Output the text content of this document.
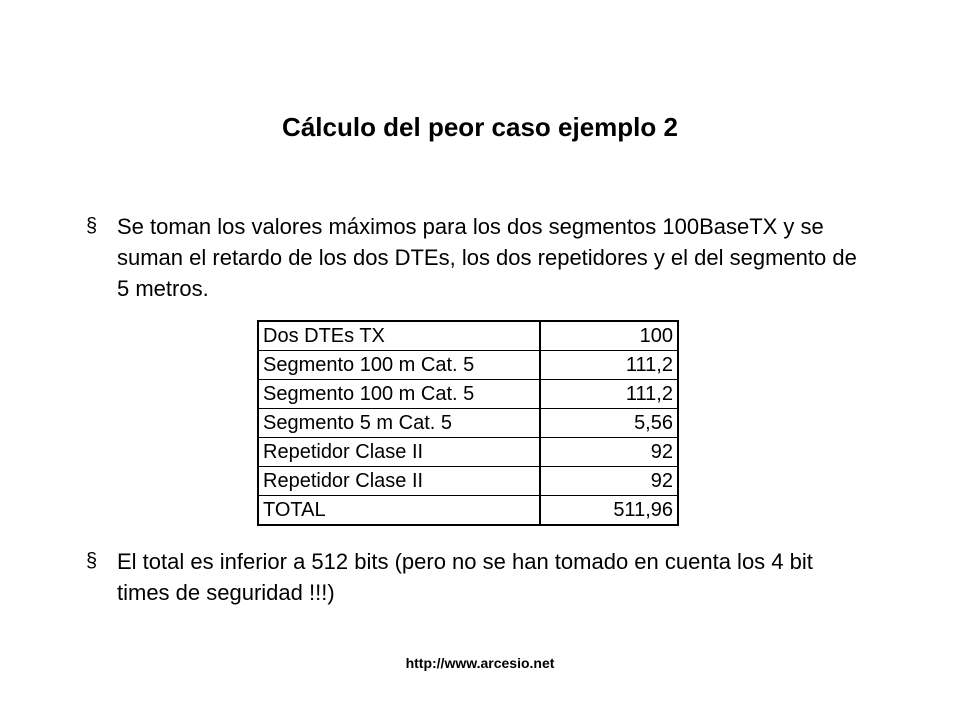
Cálculo del peor caso ejemplo 2
§ Se toman los valores máximos para los dos segmentos 100BaseTX y se suman el retardo de los dos DTEs, los dos repetidores y el del segmento de 5 metros.
Dos DTEs TX	100
Segmento 100 m Cat. 5	111,2
Segmento 100 m Cat. 5	111,2
Segmento 5 m Cat. 5	5,56
Repetidor Clase II	92
Repetidor Clase II	92
TOTAL	511,96
§ El total es inferior a 512 bits (pero no se han tomado en cuenta los 4 bit times de seguridad !!!)
http://www.arcesio.net
